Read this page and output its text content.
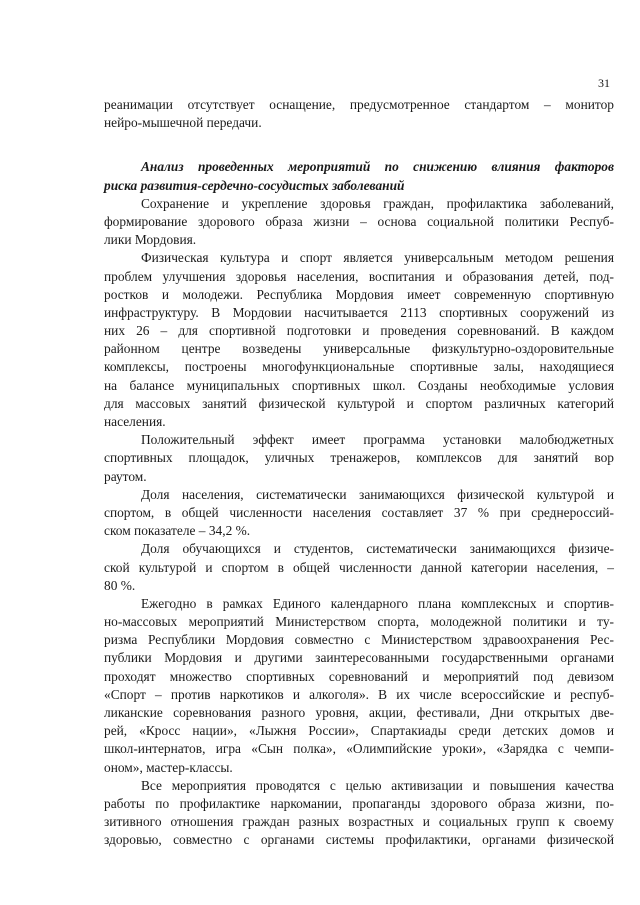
31
реанимации отсутствует оснащение, предусмотренное стандартом – монитор
нейро-мышечной передачи.
Анализ проведенных мероприятий по снижению влияния факторов
риска развития-сердечно-сосудистых заболеваний
Сохранение и укрепление здоровья граждан, профилактика заболеваний,
формирование здорового образа жизни – основа социальной политики Респуб-
лики Мордовия.
Физическая культура и спорт является универсальным методом решения
проблем улучшения здоровья населения, воспитания и образования детей, под-
ростков и молодежи. Республика Мордовия имеет современную спортивную
инфраструктуру. В Мордовии насчитывается 2113 спортивных сооружений из
них 26 – для спортивной подготовки и проведения соревнований. В каждом
районном центре возведены универсальные физкультурно-оздоровительные
комплексы, построены многофункциональные спортивные залы, находящиеся
на балансе муниципальных спортивных школ. Созданы необходимые условия
для массовых занятий физической культурой и спортом различных категорий
населения.
Положительный эффект имеет программа установки малобюджетных
спортивных площадок, уличных тренажеров, комплексов для занятий вор
раутом.
Доля населения, систематически занимающихся физической культурой и
спортом, в общей численности населения составляет 37 % при среднероссий-
ском показателе – 34,2 %.
Доля обучающихся и студентов, систематически занимающихся физиче-
ской культурой и спортом в общей численности данной категории населения, –
80 %.
Ежегодно в рамках Единого календарного плана комплексных и спортив-
но-массовых мероприятий Министерством спорта, молодежной политики и ту-
ризма Республики Мордовия совместно с Министерством здравоохранения Рес-
публики Мордовия и другими заинтересованными государственными органами
проходят множество спортивных соревнований и мероприятий под девизом
«Спорт – против наркотиков и алкоголя». В их числе всероссийские и респуб-
ликанские соревнования разного уровня, акции, фестивали, Дни открытых две-
рей, «Кросс нации», «Лыжня России», Спартакиады среди детских домов и
школ-интернатов, игра «Сын полка», «Олимпийские уроки», «Зарядка с чемпи-
оном», мастер-классы.
Все мероприятия проводятся с целью активизации и повышения качества
работы по профилактике наркомании, пропаганды здорового образа жизни, по-
зитивного отношения граждан разных возрастных и социальных групп к своему
здоровью, совместно с органами системы профилактики, органами физической
